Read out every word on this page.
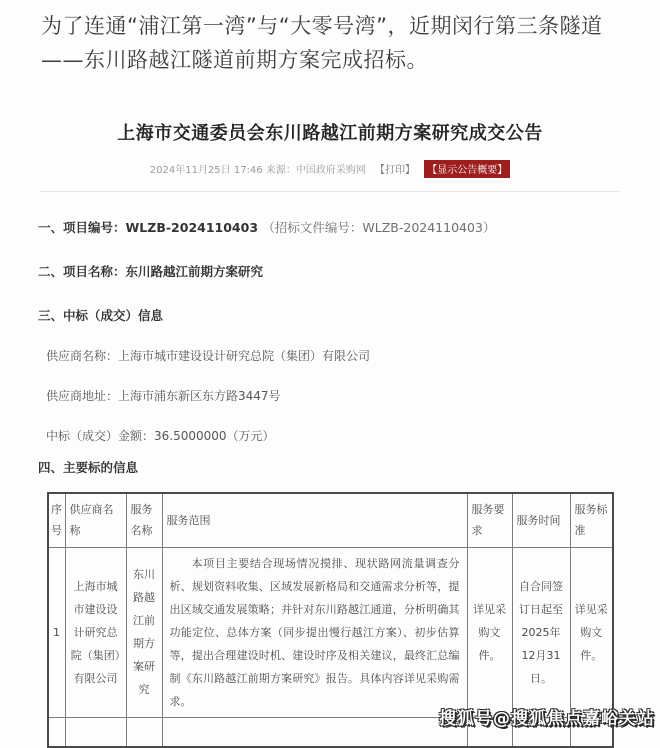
为了连通“浦江第一湾”与“大零号湾”，近期闵行第三条隧道——东川路越江隧道前期方案完成招标。

上海市交通委员会东川路越江前期方案研究成交公告
2024年11月25日 17:46 来源：中国政府采购网 【打印】 【显示公告概要】
一、项目编号：WLZB-2024110403 （招标文件编号：WLZB-2024110403）
二、项目名称：东川路越江前期方案研究
三、中标（成交）信息
供应商名称：上海市城市建设设计研究总院（集团）有限公司
供应商地址：上海市浦东新区东方路3447号
中标（成交）金额：36.5000000（万元）
四、主要标的信息
序号	供应商名称	服务名称	服务范围	服务要求	服务时间	服务标准
1	上海市城市建设设计研究总院（集团）有限公司	东川路越江前期方案研究	本项目主要结合现场情况摸排、现状路网流量调查分析、规划资料收集、区域发展新格局和交通需求分析等，提出区域交通发展策略；并针对东川路越江通道，分析明确其功能定位、总体方案（同步提出慢行越江方案）、初步估算等，提出合理建设时机、建设时序及相关建议，最终汇总编制《东川路越江前期方案研究》报告。具体内容详见采购需求。	详见采购文件。	自合同签订日起至2025年12月31日。	详见采购文件。

搜狐号@搜狐焦点嘉峪关站
